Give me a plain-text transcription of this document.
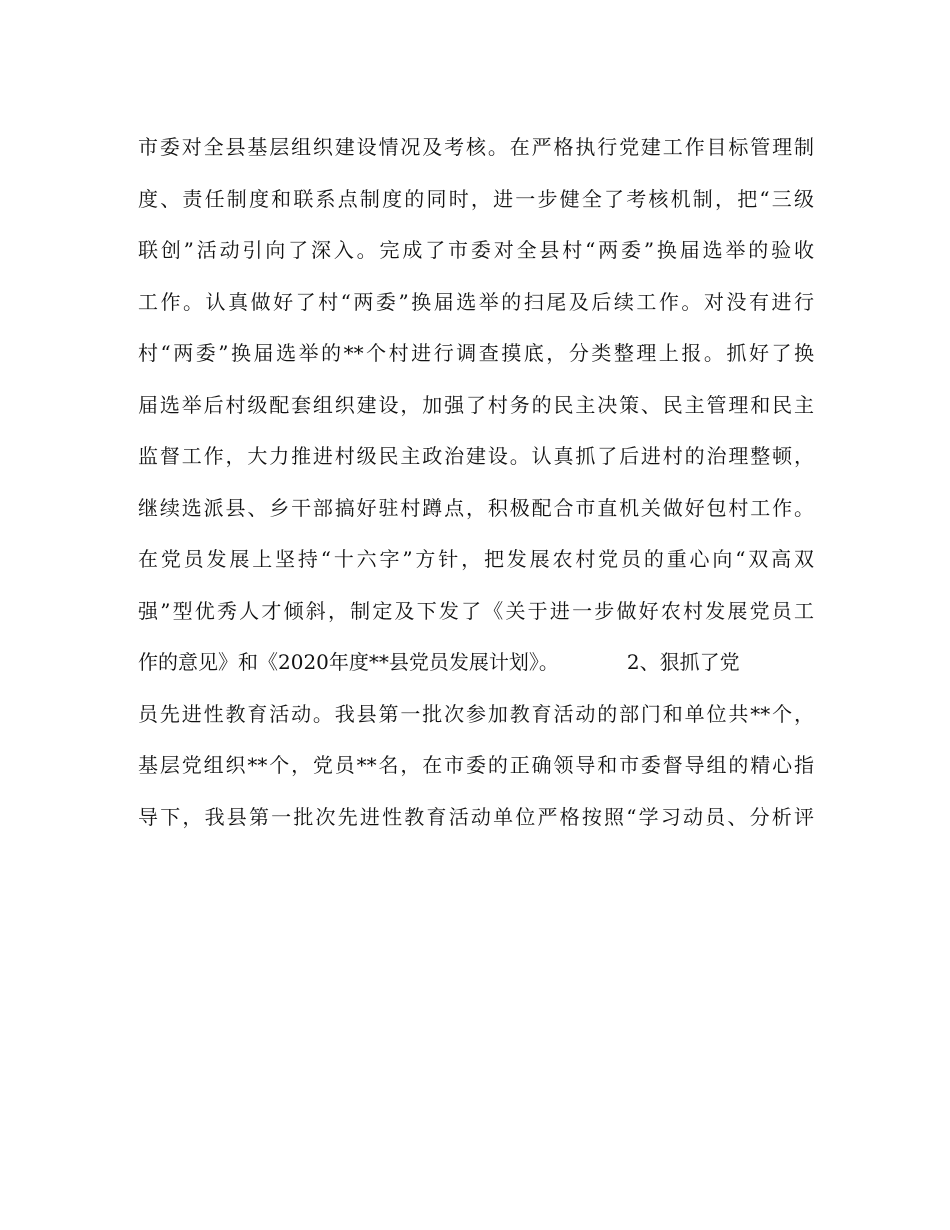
市委对全县基层组织建设情况及考核。在严格执行党建工作目标管理制
度、责任制度和联系点制度的同时，进一步健全了考核机制，把“三级
联创”活动引向了深入。完成了市委对全县村“两委”换届选举的验收
工作。认真做好了村“两委”换届选举的扫尾及后续工作。对没有进行
村“两委”换届选举的**个村进行调查摸底，分类整理上报。抓好了换
届选举后村级配套组织建设，加强了村务的民主决策、民主管理和民主
监督工作，大力推进村级民主政治建设。认真抓了后进村的治理整顿，
继续选派县、乡干部搞好驻村蹲点，积极配合市直机关做好包村工作。
在党员发展上坚持“十六字”方针，把发展农村党员的重心向“双高双
强”型优秀人才倾斜，制定及下发了《关于进一步做好农村发展党员工
作的意见》和《2020年度**县党员发展计划》。	2、狠抓了党
员先进性教育活动。我县第一批次参加教育活动的部门和单位共**个，
基层党组织**个，党员**名，在市委的正确领导和市委督导组的精心指
导下，我县第一批次先进性教育活动单位严格按照“学习动员、分析评
